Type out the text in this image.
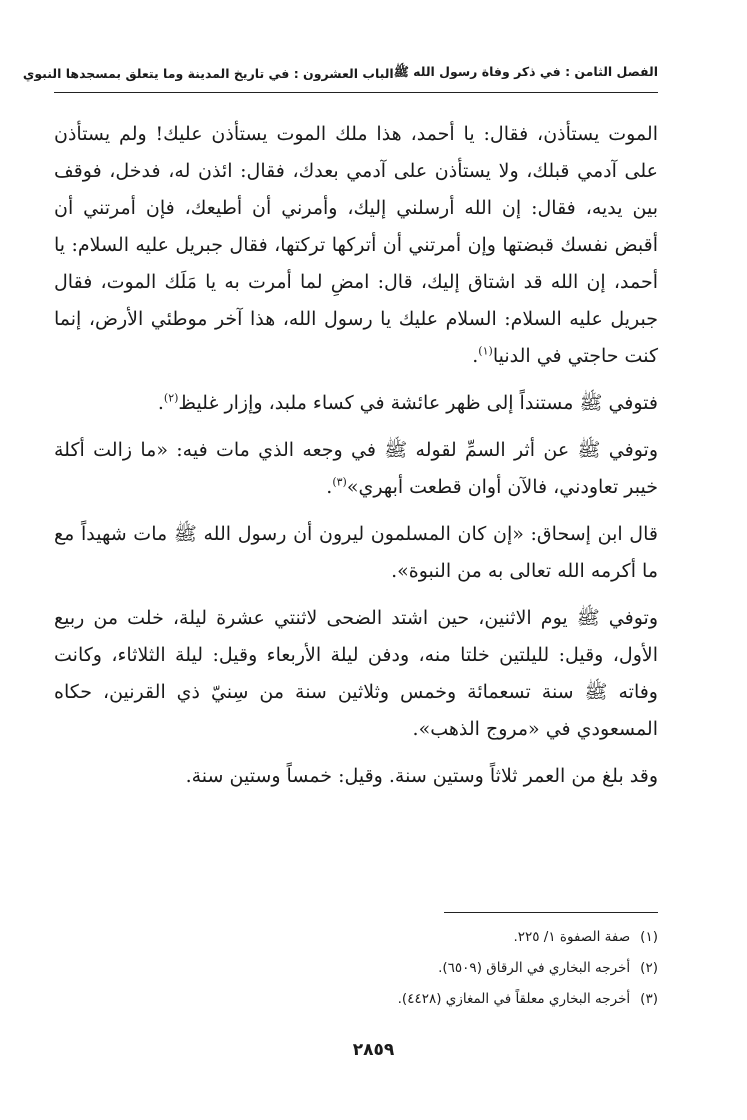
الفصل الثامن : في ذكر وفاة رسول الله ﷺ
الباب العشرون : في تاريخ المدينة وما يتعلق بمسجدها النبوي

الموت يستأذن، فقال: يا أحمد، هذا ملك الموت يستأذن عليك! ولم يستأذن على آدمي قبلك، ولا يستأذن على آدمي بعدك، فقال: ائذن له، فدخل، فوقف بين يديه، فقال: إن الله أرسلني إليك، وأمرني أن أطيعك، فإن أمرتني أن أقبض نفسك قبضتها وإن أمرتني أن أتركها تركتها، فقال جبريل عليه السلام: يا أحمد، إن الله قد اشتاق إليك، قال: امضِ لما أمرت به يا مَلَك الموت، فقال جبريل عليه السلام: السلام عليك يا رسول الله، هذا آخر موطئي الأرض، إنما كنت حاجتي في الدنيا$^{(١)}$.

فتوفي ﷺ مستنداً إلى ظهر عائشة في كساء ملبد، وإزار غليظ$^{(٢)}$.

وتوفي ﷺ عن أثر السمِّ لقوله ﷺ في وجعه الذي مات فيه: «ما زالت أكلة خيبر تعاودني، فالآن أوان قطعت أبهري»$^{(٣)}$.

قال ابن إسحاق: «إن كان المسلمون ليرون أن رسول الله ﷺ مات شهيداً مع ما أكرمه الله تعالى به من النبوة».

وتوفي ﷺ يوم الاثنين، حين اشتد الضحى لاثنتي عشرة ليلة، خلت من ربيع الأول، وقيل: لليلتين خلتا منه، ودفن ليلة الأربعاء وقيل: ليلة الثلاثاء، وكانت وفاته ﷺ سنة تسعمائة وخمس وثلاثين سنة من سِنيّ ذي القرنين، حكاه المسعودي في «مروج الذهب».

وقد بلغ من العمر ثلاثاً وستين سنة. وقيل: خمساً وستين سنة.

(١)صفة الصفوة ١/ ٢٢٥.
(٢)أخرجه البخاري في الرقاق (٦٥٠٩).
(٣)أخرجه البخاري معلقاً في المغازي (٤٤٢٨).
٢٨٥٩
